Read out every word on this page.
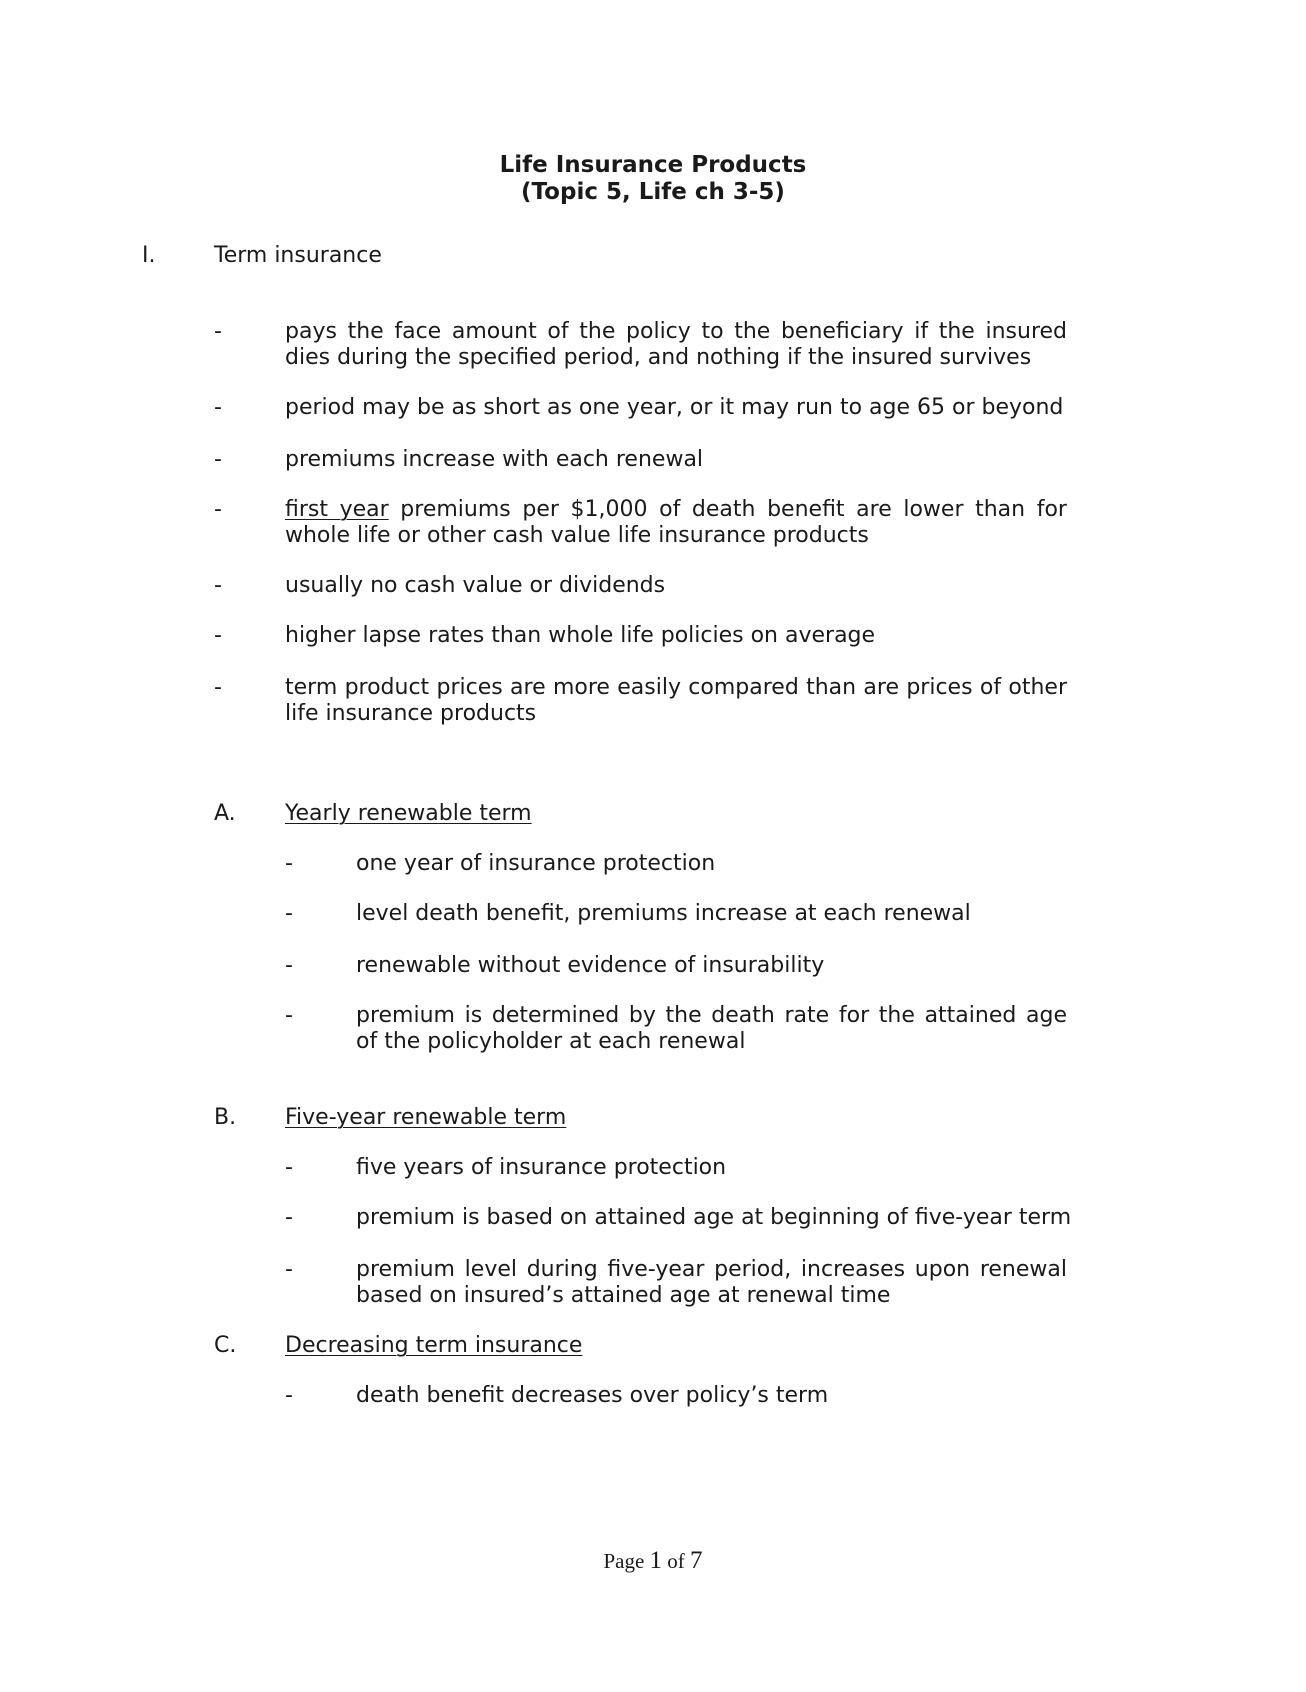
Life Insurance Products
(Topic 5, Life ch 3-5)
I.	Term insurance
-	pays the face amount of the policy to the beneficiary if the insured dies during the specified period, and nothing if the insured survives
-	period may be as short as one year, or it may run to age 65 or beyond
-	premiums increase with each renewal
-	first year premiums per $1,000 of death benefit are lower than for whole life or other cash value life insurance products
-	usually no cash value or dividends
-	higher lapse rates than whole life policies on average
-	term product prices are more easily compared than are prices of other life insurance products
A. Yearly renewable term
-	one year of insurance protection
-	level death benefit, premiums increase at each renewal
-	renewable without evidence of insurability
-	premium is determined by the death rate for the attained age of the policyholder at each renewal
B. Five-year renewable term
-	five years of insurance protection
-	premium is based on attained age at beginning of five-year term
-	premium level during five-year period, increases upon renewal based on insured’s attained age at renewal time
C. Decreasing term insurance
-	death benefit decreases over policy’s term
Page 1 of 7
